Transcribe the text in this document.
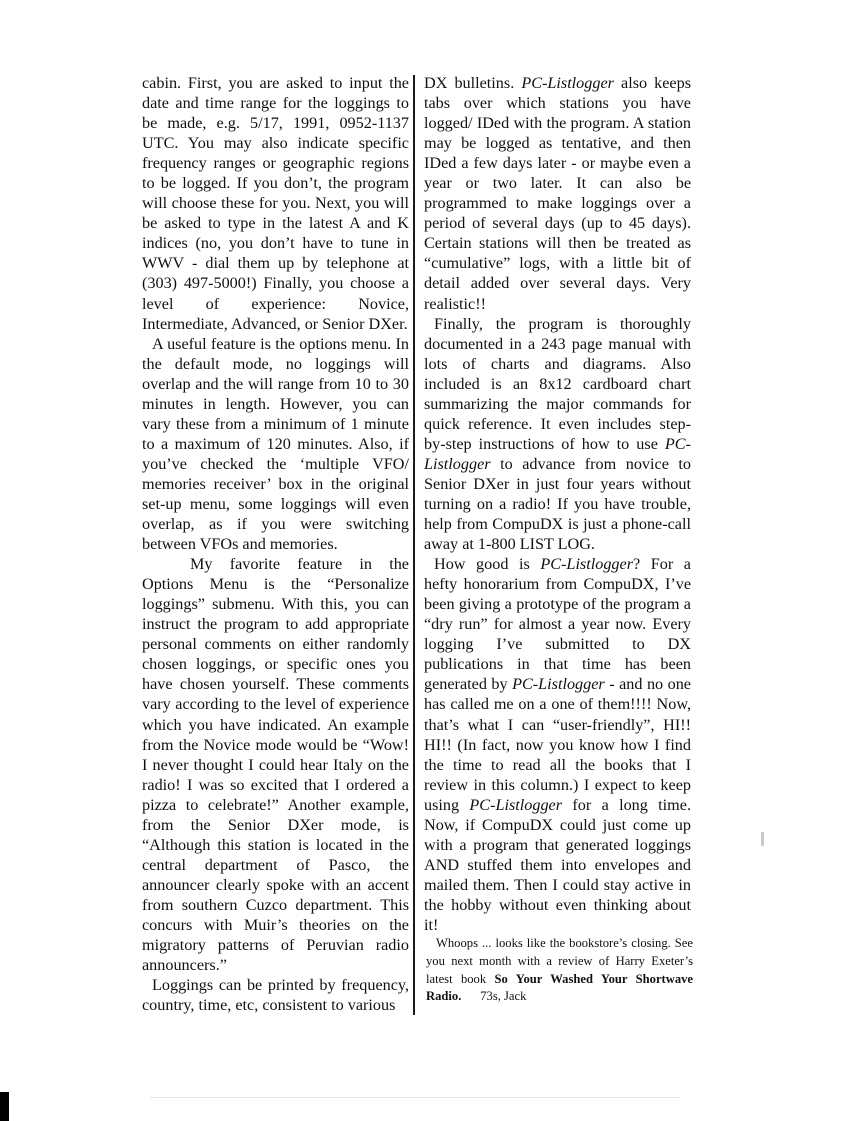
cabin. First, you are asked to input the date and time range for the loggings to be made, e.g. 5/17, 1991, 0952-1137 UTC. You may also indicate specific frequency ranges or geographic regions to be logged. If you don’t, the program will choose these for you. Next, you will be asked to type in the latest A and K indices (no, you don’t have to tune in WWV - dial them up by telephone at (303) 497-5000!) Finally, you choose a level of experience: Novice, Intermediate, Advanced, or Senior DXer.

A useful feature is the options menu. In the default mode, no loggings will overlap and the will range from 10 to 30 minutes in length. However, you can vary these from a minimum of 1 minute to a maximum of 120 minutes. Also, if you’ve checked the ‘multiple VFO/ memories receiver’ box in the original set-up menu, some loggings will even overlap, as if you were switching between VFOs and memories.

My favorite feature in the Options Menu is the “Personalize loggings” submenu. With this, you can instruct the program to add appropriate personal comments on either randomly chosen loggings, or specific ones you have chosen yourself. These comments vary according to the level of experience which you have indicated. An example from the Novice mode would be “Wow! I never thought I could hear Italy on the radio! I was so excited that I ordered a pizza to celebrate!” Another example, from the Senior DXer mode, is “Although this station is located in the central department of Pasco, the announcer clearly spoke with an accent from southern Cuzco department. This concurs with Muir’s theories on the migratory patterns of Peruvian radio announcers.”

Loggings can be printed by frequency, country, time, etc, consistent to various

DX bulletins. PC-Listlogger also keeps tabs over which stations you have logged/ IDed with the program. A station may be logged as tentative, and then IDed a few days later - or maybe even a year or two later. It can also be programmed to make loggings over a period of several days (up to 45 days). Certain stations will then be treated as “cumulative” logs, with a little bit of detail added over several days. Very realistic!!

Finally, the program is thoroughly documented in a 243 page manual with lots of charts and diagrams. Also included is an 8x12 cardboard chart summarizing the major commands for quick reference. It even includes step-by-step instructions of how to use PC-Listlogger to advance from novice to Senior DXer in just four years without turning on a radio! If you have trouble, help from CompuDX is just a phone-call away at 1-800 LIST LOG.

How good is PC-Listlogger? For a hefty honorarium from CompuDX, I’ve been giving a prototype of the program a “dry run” for almost a year now. Every logging I’ve submitted to DX publications in that time has been generated by PC-Listlogger - and no one has called me on a one of them!!!! Now, that’s what I can “user-friendly”, HI!! HI!! (In fact, now you know how I find the time to read all the books that I review in this column.) I expect to keep using PC-Listlogger for a long time. Now, if CompuDX could just come up with a program that generated loggings AND stuffed them into envelopes and mailed them. Then I could stay active in the hobby without even thinking about it!

Whoops ... looks like the bookstore’s closing. See you next month with a review of Harry Exeter’s latest book So Your Washed Your Shortwave Radio. 73s, Jack
